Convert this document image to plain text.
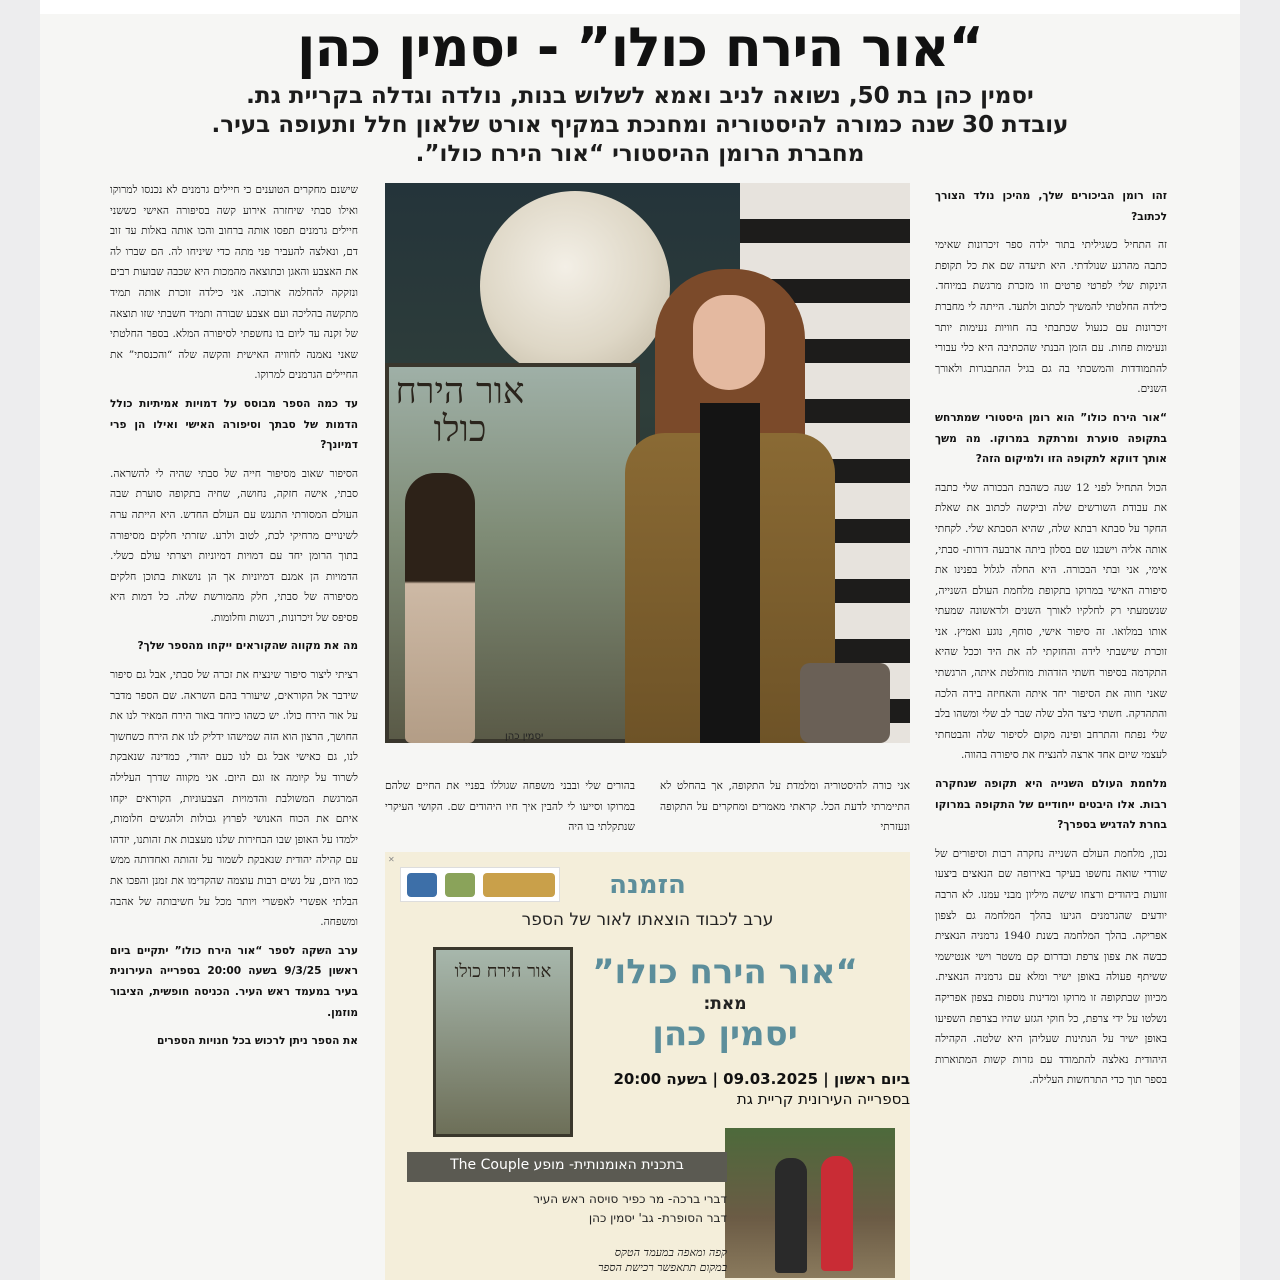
“אור הירח כולו” - יסמין כהן
יסמין כהן בת 50, נשואה לניב ואמא לשלוש בנות, נולדה וגדלה בקריית גת.
עובדת 30 שנה כמורה להיסטוריה ומחנכת במקיף אורט שלאון חלל ותעופה בעיר.
מחברת הרומן ההיסטורי “אור הירח כולו”.

זהו רומן הביכורים שלך, מהיכן נולד הצורך לכתוב?

זה התחיל כשגיליתי בתור ילדה ספר זיכרונות שאימי כתבה מהרגע שנולדתי. היא תיעדה שם את כל תקופת הינקות שלי לפרטי פרטים וזו מזכרת מרגשת במיוחד. כילדה החלטתי להמשיך לכתוב ולתעד. הייתה לי מחברת זיכרונות עם כנעול שכתבתי בה חוויות נעימות יותר ונעימות פחות. עם הזמן הבנתי שהכתיבה היא כלי עבורי להתמודדות והמשכתי בה גם בגיל ההתבגרות ולאורך השנים.

“אור הירח כולו” הוא רומן היסטורי שמתרחש בתקופה סוערת ומרתקת במרוקו. מה משך אותך דווקא לתקופה הזו ולמיקום הזה?

הכול התחיל לפני 12 שנה כשהבת הבכורה שלי כתבה את עבודת השורשים שלה וביקשה לכתוב את שאלת החקר על סבתא רבתא שלה, שהיא הסבתא שלי. לקחתי אותה אליה וישבנו שם בסלון ביתה ארבעה דורות- סבתי, אימי, אני ובתי הבכורה. היא החלה לגלול בפנינו את סיפורה האישי במרוקו בתקופת מלחמת העולם השנייה, שנשמעתי רק לחלקיו לאורך השנים ולראשונה שמעתי אותו במלואו. זה סיפור אישי, סוחף, נוגע ואמיץ. אני זוכרת שישבתי לידה והחזקתי לה את היד וככל שהיא התקדמה בסיפור חשתי הזדהות מוחלטת איתה, הרגשתי שאני חווה את הסיפור יחד איתה והאחיזה בידה הלכה והתהדקה. חשתי כיצד הלב שלה שבר לב שלי ומשהו בלב שלי נפתח והתרחב ופינה מקום לסיפור שלה והבטחתי לעצמי שיום אחד ארצה להנציח את סיפורה בהווה.

מלחמת העולם השנייה היא תקופה שנחקרה רבות. אלו היבטים ייחודיים של התקופה במרוקו בחרת להדגיש בספרך?

נכון, מלחמת העולם השנייה נחקרה רבות וסיפורים של שורדי שואה נחשפו בעיקר באירופה שם הנאצים ביצעו זוועות ביהודים ורצחו שישה מיליון מבני עמנו. לא הרבה יודעים שהגרמנים הגיעו בהלך המלחמה גם לצפון אפריקה. בהלך המלחמה בשנת 1940 גרמניה הנאצית כבשה את צפון צרפת ובדרום קם משטר וישי אנטישמי ששיתף פעולה באופן ישיר ומלא עם גרמניה הנאצית. מכיוון שבתקופה זו מרוקו ומדינות נוספות בצפון אפריקה נשלטו על ידי צרפת, כל חוקי הגזע שהיו בצרפת השפיעו באופן ישיר על הנתינות שעליהן היא שלטה. הקהילה היהודית נאלצה להתמודד עם גזרות קשות המתוארות בספר תוך כדי התרחשות העלילה.

שישנם מחקרים הטוענים כי חיילים גרמנים לא נכנסו למרוקו ואילו סבתי שיחזרה אירוע קשה בסיפורה האישי כששני חיילים גרמנים תפסו אותה ברחוב והכו אותה באלות עד זוב דם, ונאלצה להעביר פני מתה כדי שיניחו לה. הם שברו לה את האצבע והאגן וכתוצאה מהמכות היא שכבה שבועות רבים ונזקקה להחלמה ארוכה. אני כילדה זוכרת אותה תמיד מתקשה בהליכה ועם אצבע שבורה ותמיד חשבתי שזו תוצאה של זקנה עד ליום בו נחשפתי לסיפורה המלא. בספר החלטתי שאני נאמנה לחוויה האישית והקשה שלה “והכנסתי” את החיילים הגרמנים למרוקו.

עד כמה הספר מבוסס על דמויות אמיתיות כולל הדמות של סבתך וסיפורה האישי ואילו הן פרי דמיונך?

הסיפור שאוב מסיפור חייה של סבתי שהיה לי להשראה. סבתי, אישה חזקה, נחושה, שחיה בתקופה סוערת שבה העולם המסורתי התנגש עם העולם החדש. היא הייתה ערה לשינויים מרחיקי לכת, לטוב ולרע. שזרתי חלקים מסיפורה בתוך הרומן יחד עם דמויות דמיוניות ויצרתי עולם כשלי. הדמויות הן אמנם דמיוניות אך הן נושאות בתוכן חלקים מסיפורה של סבתי, חלק מהמורשת שלה. כל דמות היא פסיפס של זיכרונות, רגשות וחלומות.

מה את מקווה שהקוראים ייקחו מהספר שלך?

רציתי ליצור סיפור שינציח את זכרה של סבתי, אבל גם סיפור שידבר אל הקוראים, שיעורר בהם השראה. שם הספר מדבר על אור הירח כולו. יש כשהו כיוחד באור הירח המאיר לנו את החושך, הרצון הוא הזה שמישהו ידליק לנו את הירח כשחשוך לנו, גם כאישי אבל גם לנו כעם יהודי, כמדינה שנאבקת לשרוד על קיומה אז וגם היום. אני מקווה שדרך העלילה המרגשת המשולבת והדמויות הצבעוניות, הקוראים יקחו איתם את הכוח האנושי לפרוץ גבולות ולהגשים חלומות, ילמדו על האופן שבו הבחירות שלנו מעצבות את זהותנו, יזדהו עם קהילה יהודית שנאבקת לשמור על זהותה ואחדותה ממש כמו היום, על נשים רבות עוצמה שהקדימו את זמנן והפכו את הבלתי אפשרי לאפשרי ויותר מכל על חשיבותה של אהבה ומשפחה.

ערב השקה לספר “אור הירח כולו” יתקיים ביום ראשון 9/3/25 בשעה 20:00 בספרייה העירונית בעיר במעמד ראש העיר. הכניסה חופשית, הציבור מוזמן.

את הספר ניתן לרכוש בכל חנויות הספרים

אור הירח כולו
יסמין כהן

אני כורה להיסטוריה ומלמדת על התקופה, אך בהחלט לא התיימרתי לדעת הכל. קראתי מאמרים ומחקרים על התקופה ונעזרתי

בהורים שלי ובבני משפחה שגוללו בפניי את החיים שלהם במרוקו וסייעו לי להבין איך חיו היהודים שם. הקושי העיקרי שנתקלתי בו היה

✕
הזמנה
ערב לכבוד הוצאתו לאור של הספר
אור הירח כולו	“אור הירח כולו”
מאת:
יסמין כהן
ביום ראשון | 09.03.2025 | בשעה 20:00
בספרייה העירונית קריית גת
בתכנית האומנותית- מופע The Couple
דברי ברכה- מר כפיר סויסה ראש העיר
דבר הסופרת- גב' יסמין כהן
קפה ומאפה במעמד הטקס
במקום תתאפשר רכישת הספר
